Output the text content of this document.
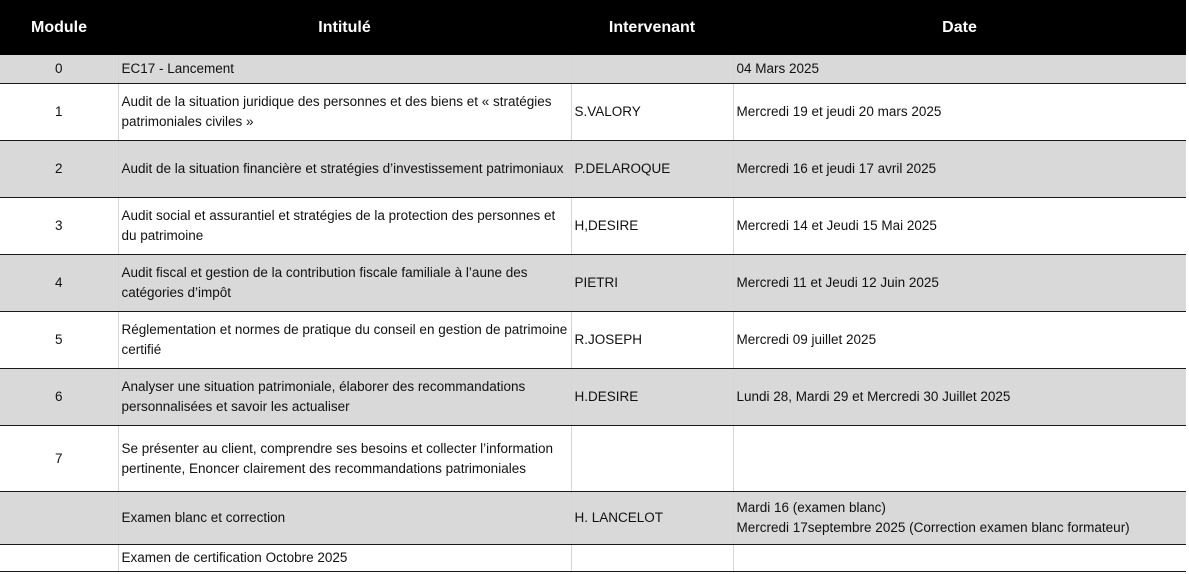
Module	Intitulé	Intervenant	Date
0	EC17 - Lancement		04 Mars 2025
1	Audit de la situation juridique des personnes et des biens et « stratégies patrimoniales civiles »	S.VALORY	Mercredi 19 et jeudi 20 mars 2025
2	Audit de la situation financière et stratégies d’investissement patrimoniaux	P.DELAROQUE	Mercredi 16 et jeudi 17 avril 2025
3	Audit social et assurantiel et stratégies de la protection des personnes et du patrimoine	H,DESIRE	Mercredi 14 et Jeudi 15 Mai 2025
4	Audit fiscal et gestion de la contribution fiscale familiale à l’aune des catégories d’impôt	PIETRI	Mercredi 11 et Jeudi 12 Juin 2025
5	Réglementation et normes de pratique du conseil en gestion de patrimoine certifié	R.JOSEPH	Mercredi 09 juillet 2025
6	Analyser une situation patrimoniale, élaborer des recommandations personnalisées et savoir les actualiser	H.DESIRE	Lundi 28, Mardi 29 et Mercredi 30 Juillet 2025
7	Se présenter au client, comprendre ses besoins et collecter l’information pertinente, Enoncer clairement des recommandations patrimoniales		
	Examen blanc et correction	H. LANCELOT	Mardi 16 (examen blanc)
Mercredi 17septembre 2025 (Correction examen blanc formateur)

	Examen de certification Octobre 2025		
